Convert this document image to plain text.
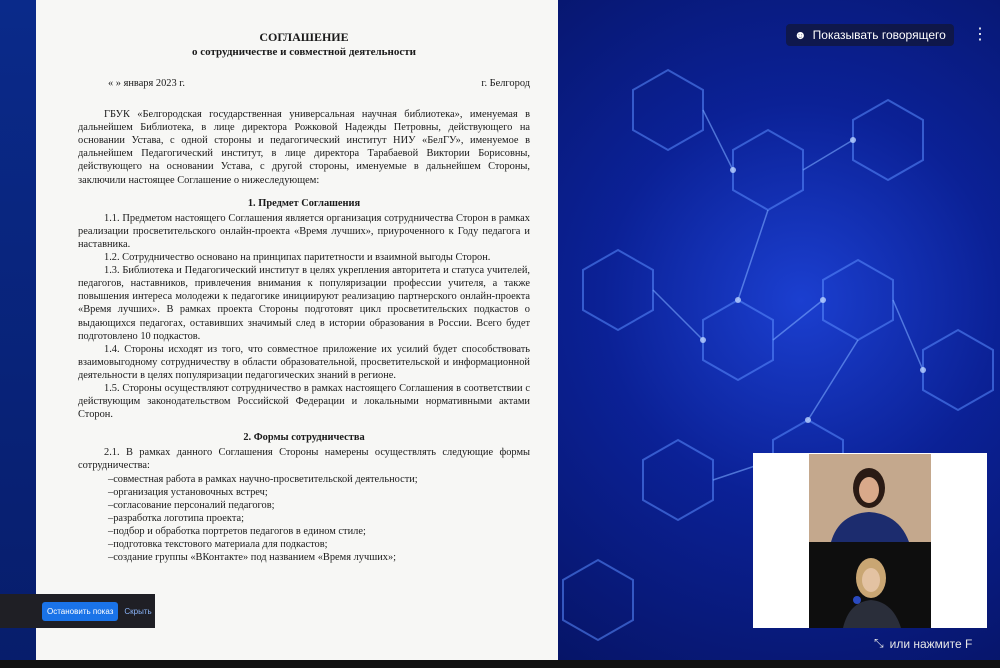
СОГЛАШЕНИЕ

о сотрудничестве и совместной деятельности

« » января 2023 г.	г. Белгород

ГБУК «Белгородская государственная универсальная научная библиотека», именуемая в дальнейшем Библиотека, в лице директора Рожковой Надежды Петровны, действующего на основании Устава, с одной стороны и педагогический институт НИУ «БелГУ», именуемое в дальнейшем Педагогический институт, в лице директора Тарабаевой Виктории Борисовны, действующего на основании Устава, с другой стороны, именуемые в дальнейшем Стороны, заключили настоящее Соглашение о нижеследующем:

1. Предмет Соглашения

1.1. Предметом настоящего Соглашения является организация сотрудничества Сторон в рамках реализации просветительского онлайн-проекта «Время лучших», приуроченного к Году педагога и наставника.

1.2. Сотрудничество основано на принципах паритетности и взаимной выгоды Сторон.

1.3. Библиотека и Педагогический институт в целях укрепления авторитета и статуса учителей, педагогов, наставников, привлечения внимания к популяризации профессии учителя, а также повышения интереса молодежи к педагогике инициируют реализацию партнерского онлайн-проекта «Время лучших». В рамках проекта Стороны подготовят цикл просветительских подкастов о выдающихся педагогах, оставивших значимый след в истории образования в России. Всего будет подготовлено 10 подкастов.

1.4. Стороны исходят из того, что совместное приложение их усилий будет способствовать взаимовыгодному сотрудничеству в области образовательной, просветительской и информационной деятельности в целях популяризации педагогических знаний в регионе.

1.5. Стороны осуществляют сотрудничество в рамках настоящего Соглашения в соответствии с действующим законодательством Российской Федерации и локальными нормативными актами Сторон.

2. Формы сотрудничества

2.1. В рамках данного Соглашения Стороны намерены осуществлять следующие формы сотрудничества:

–совместная работа в рамках научно-просветительской деятельности;

–организация установочных встреч;

–согласование персоналий педагогов;

–разработка логотипа проекта;

–подбор и обработка портретов педагогов в едином стиле;

–подготовка текстового материала для подкастов;

–создание группы «ВКонтакте» под названием «Время лучших»;

☻ Показывать говорящего ⋮
⤡ или нажмите F
Остановить показ	Скрыть
